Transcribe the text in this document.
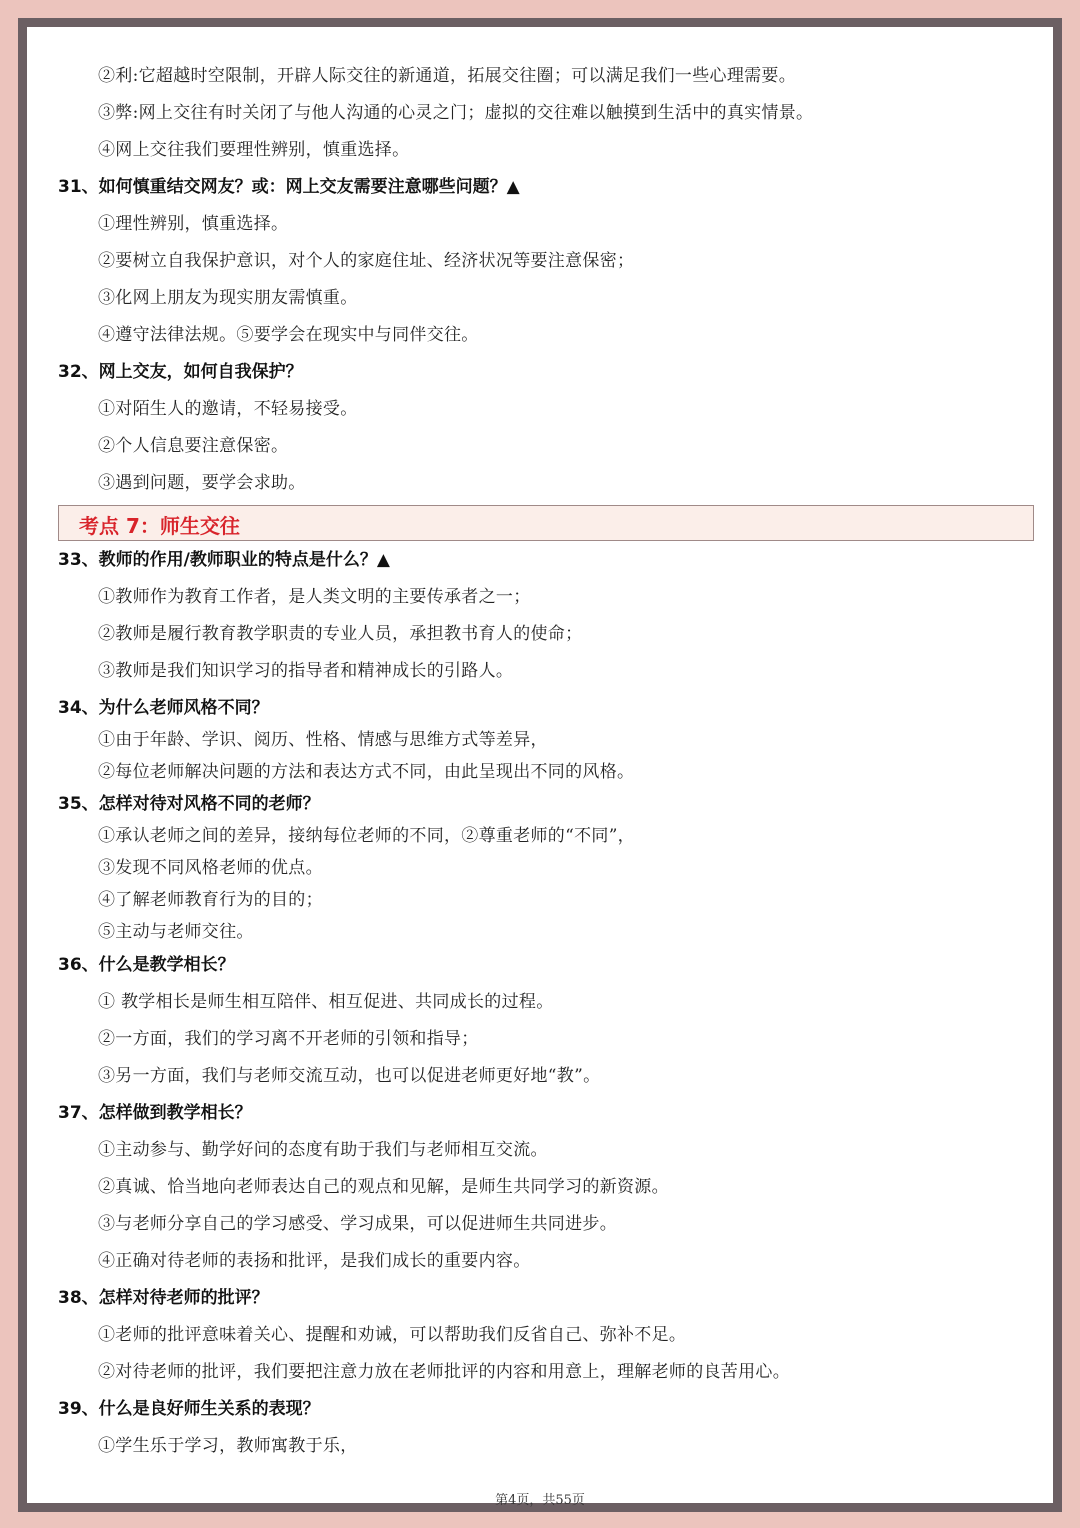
②利:它超越时空限制，开辟人际交往的新通道，拓展交往圈；可以满足我们一些心理需要。
③弊:网上交往有时关闭了与他人沟通的心灵之门；虚拟的交往难以触摸到生活中的真实情景。
④网上交往我们要理性辨别，慎重选择。
31、如何慎重结交网友？或：网上交友需要注意哪些问题？▲
①理性辨别，慎重选择。
②要树立自我保护意识，对个人的家庭住址、经济状况等要注意保密；
③化网上朋友为现实朋友需慎重。
④遵守法律法规。⑤要学会在现实中与同伴交往。
32、网上交友，如何自我保护？
①对陌生人的邀请，不轻易接受。
②个人信息要注意保密。
③遇到问题，要学会求助。
考点 7：师生交往
33、教师的作用/教师职业的特点是什么？▲
①教师作为教育工作者，是人类文明的主要传承者之一；
②教师是履行教育教学职责的专业人员，承担教书育人的使命；
③教师是我们知识学习的指导者和精神成长的引路人。
34、为什么老师风格不同？
①由于年龄、学识、阅历、性格、情感与思维方式等差异，
②每位老师解决问题的方法和表达方式不同，由此呈现出不同的风格。
35、怎样对待对风格不同的老师？
①承认老师之间的差异，接纳每位老师的不同，②尊重老师的“不同”，
③发现不同风格老师的优点。
④了解老师教育行为的目的；
⑤主动与老师交往。
36、什么是教学相长？
① 教学相长是师生相互陪伴、相互促进、共同成长的过程。
②一方面，我们的学习离不开老师的引领和指导；
③另一方面，我们与老师交流互动，也可以促进老师更好地“教”。
37、怎样做到教学相长？
①主动参与、勤学好问的态度有助于我们与老师相互交流。
②真诚、恰当地向老师表达自己的观点和见解，是师生共同学习的新资源。
③与老师分享自己的学习感受、学习成果，可以促进师生共同进步。
④正确对待老师的表扬和批评，是我们成长的重要内容。
38、怎样对待老师的批评？
①老师的批评意味着关心、提醒和劝诫，可以帮助我们反省自己、弥补不足。
②对待老师的批评，我们要把注意力放在老师批评的内容和用意上，理解老师的良苦用心。
39、什么是良好师生关系的表现？
①学生乐于学习，教师寓教于乐，
第4页，共55页
